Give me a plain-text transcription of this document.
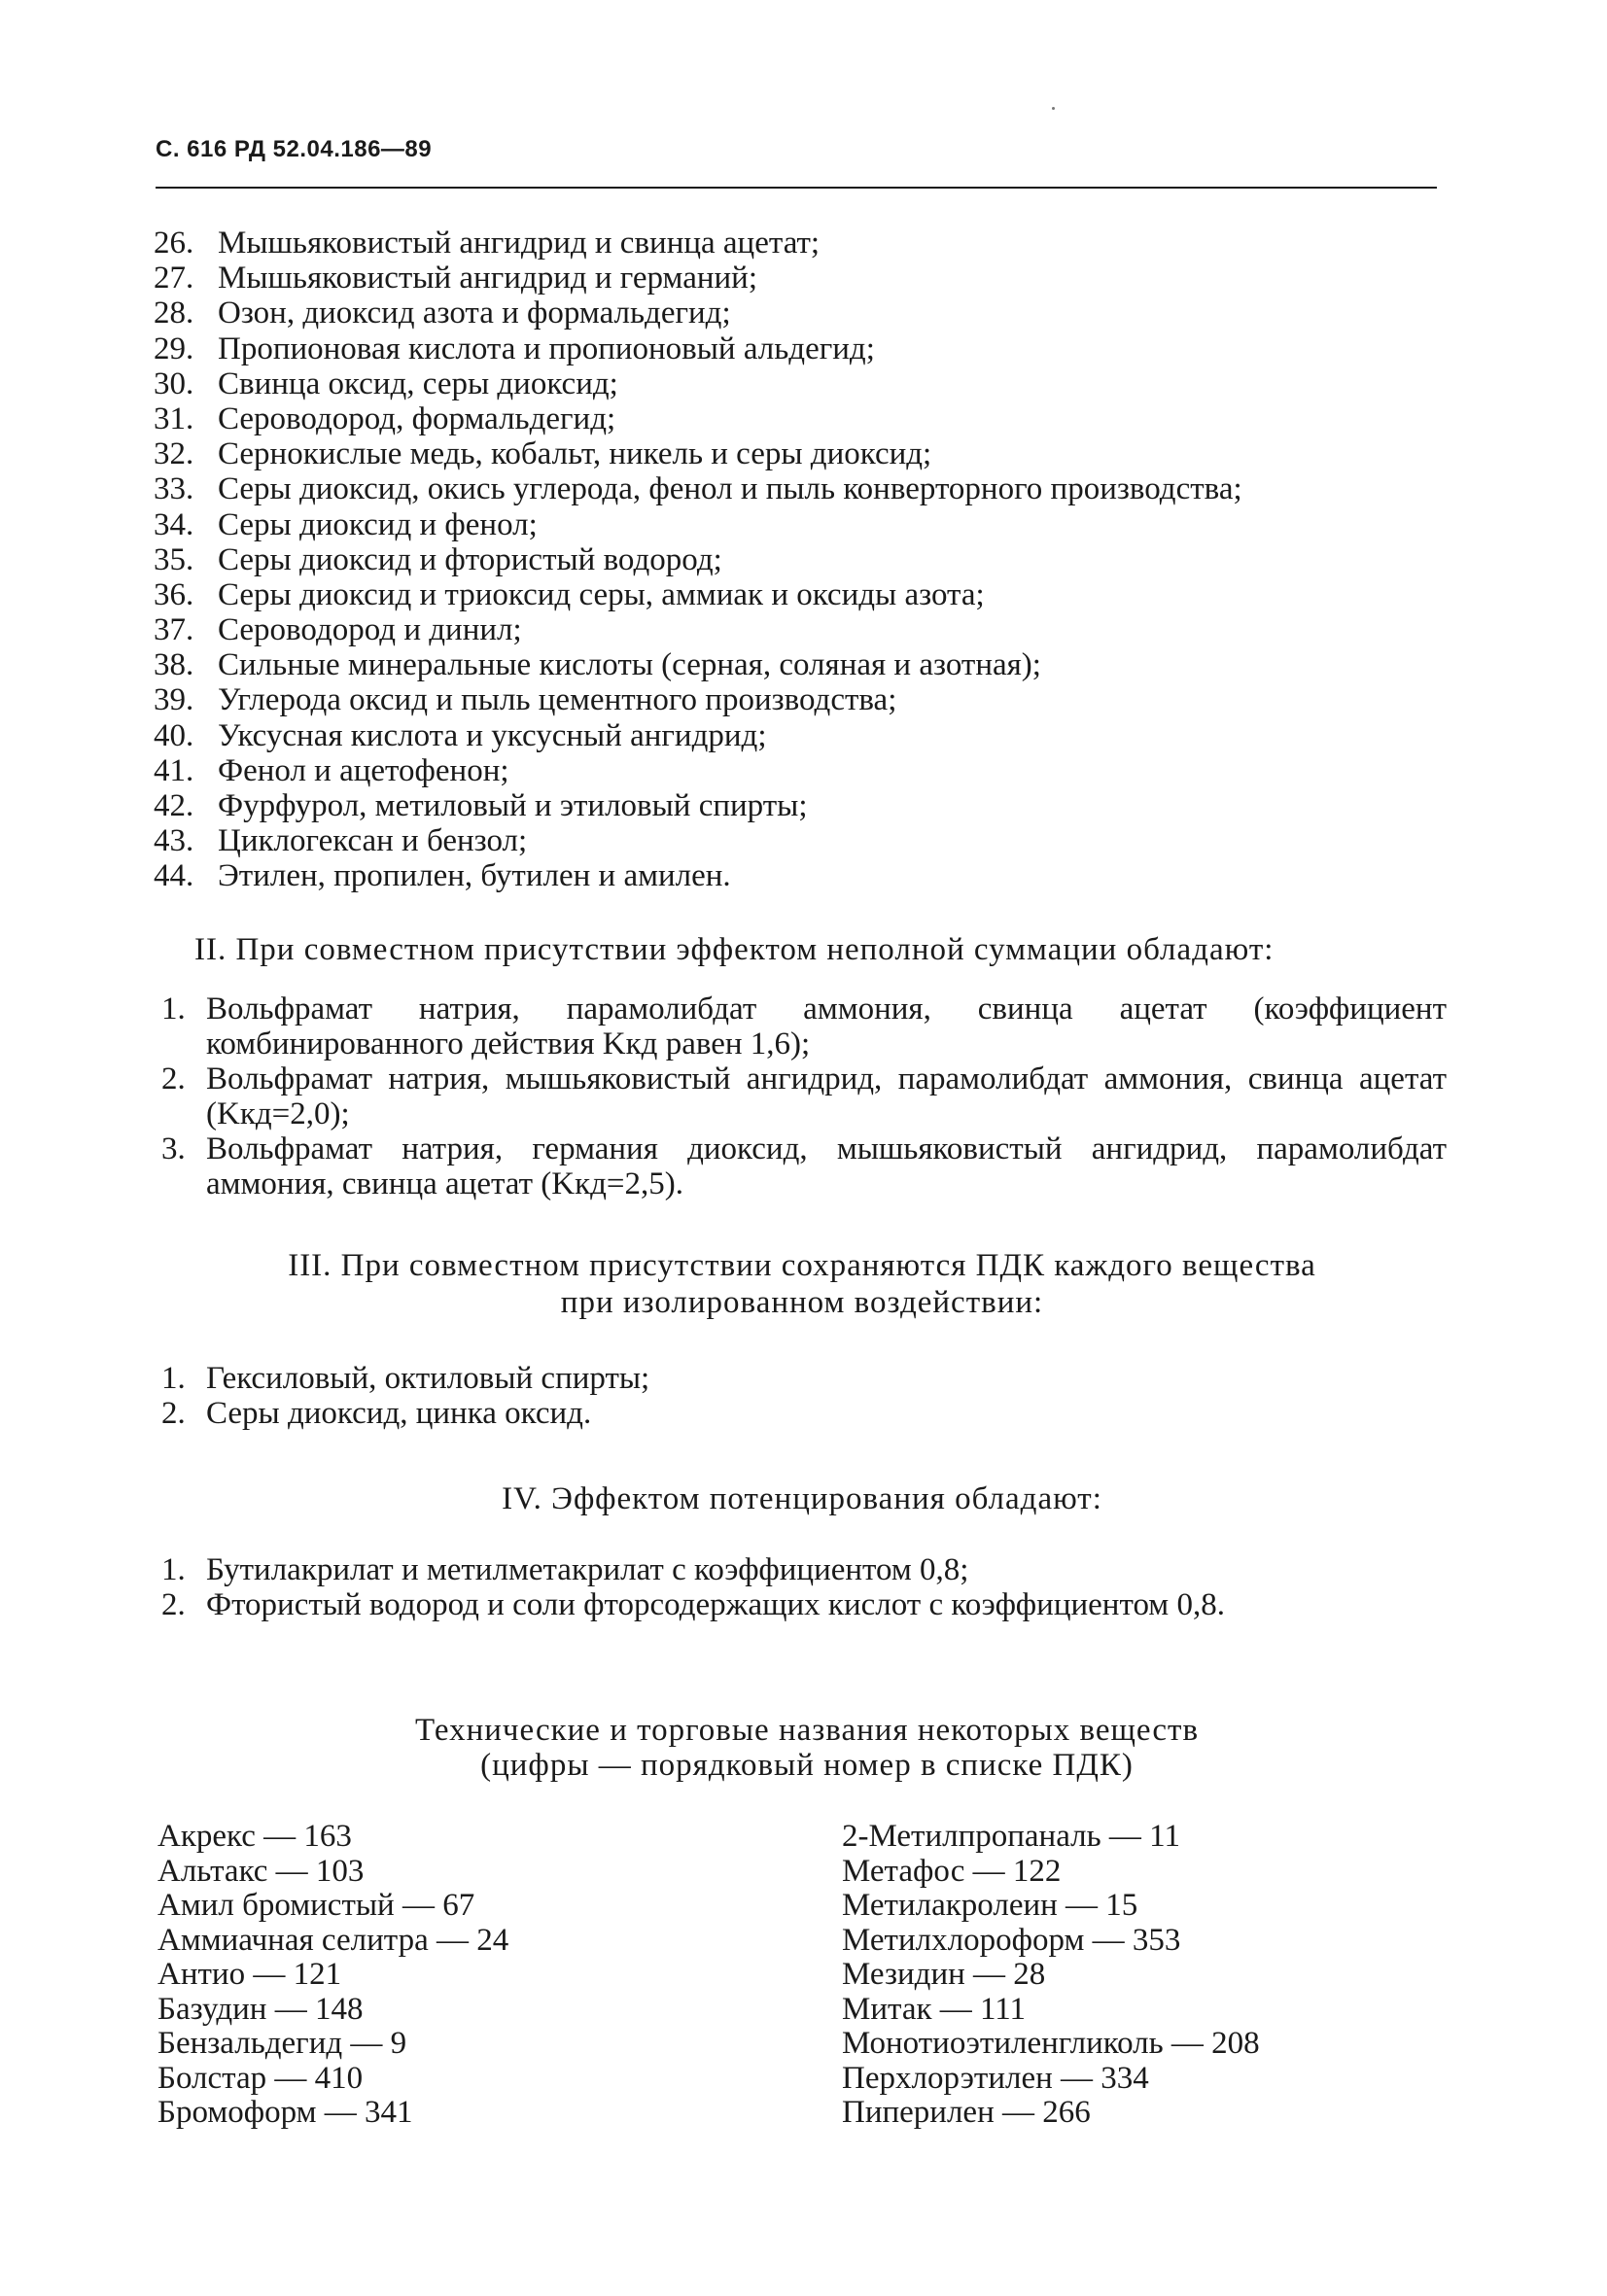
С. 616 РД 52.04.186—89
26. Мышьяковистый ангидрид и свинца ацетат;
27. Мышьяковистый ангидрид и германий;
28. Озон, диоксид азота и формальдегид;
29. Пропионовая кислота и пропионовый альдегид;
30. Свинца оксид, серы диоксид;
31. Сероводород, формальдегид;
32. Сернокислые медь, кобальт, никель и серы диоксид;
33. Серы диоксид, окись углерода, фенол и пыль конверторного производства;
34. Серы диоксид и фенол;
35. Серы диоксид и фтористый водород;
36. Серы диоксид и триоксид серы, аммиак и оксиды азота;
37. Сероводород и динил;
38. Сильные минеральные кислоты (серная, соляная и азотная);
39. Углерода оксид и пыль цементного производства;
40. Уксусная кислота и уксусный ангидрид;
41. Фенол и ацетофенон;
42. Фурфурол, метиловый и этиловый спирты;
43. Циклогексан и бензол;
44. Этилен, пропилен, бутилен и амилен.
II. При совместном присутствии эффектом неполной суммации обладают:
1. Вольфрамат натрия, парамолибдат аммония, свинца ацетат (коэффициент комбинированного действия Kкд равен 1,6);
2. Вольфрамат натрия, мышьяковистый ангидрид, парамолибдат аммония, свинца ацетат (Kкд=2,0);
3. Вольфрамат натрия, германия диоксид, мышьяковистый ангидрид, парамолибдат аммония, свинца ацетат (Kкд=2,5).
III. При совместном присутствии сохраняются ПДК каждого вещества
при изолированном воздействии:
1. Гексиловый, октиловый спирты;
2. Серы диоксид, цинка оксид.
IV. Эффектом потенцирования обладают:
1. Бутилакрилат и метилметакрилат с коэффициентом 0,8;
2. Фтористый водород и соли фторсодержащих кислот с коэффициентом 0,8.
Технические и торговые названия некоторых веществ
(цифры — порядковый номер в списке ПДК)
Акрекс — 163
Альтакс — 103
Амил бромистый — 67
Аммиачная селитра — 24
Антио — 121
Базудин — 148
Бензальдегид — 9
Болстар — 410
Бромоформ — 341
2-Метилпропаналь — 11
Метафос — 122
Метилакролеин — 15
Метилхлороформ — 353
Мезидин — 28
Митак — 111
Монотиоэтиленгликоль — 208
Перхлорэтилен — 334
Пиперилен — 266
